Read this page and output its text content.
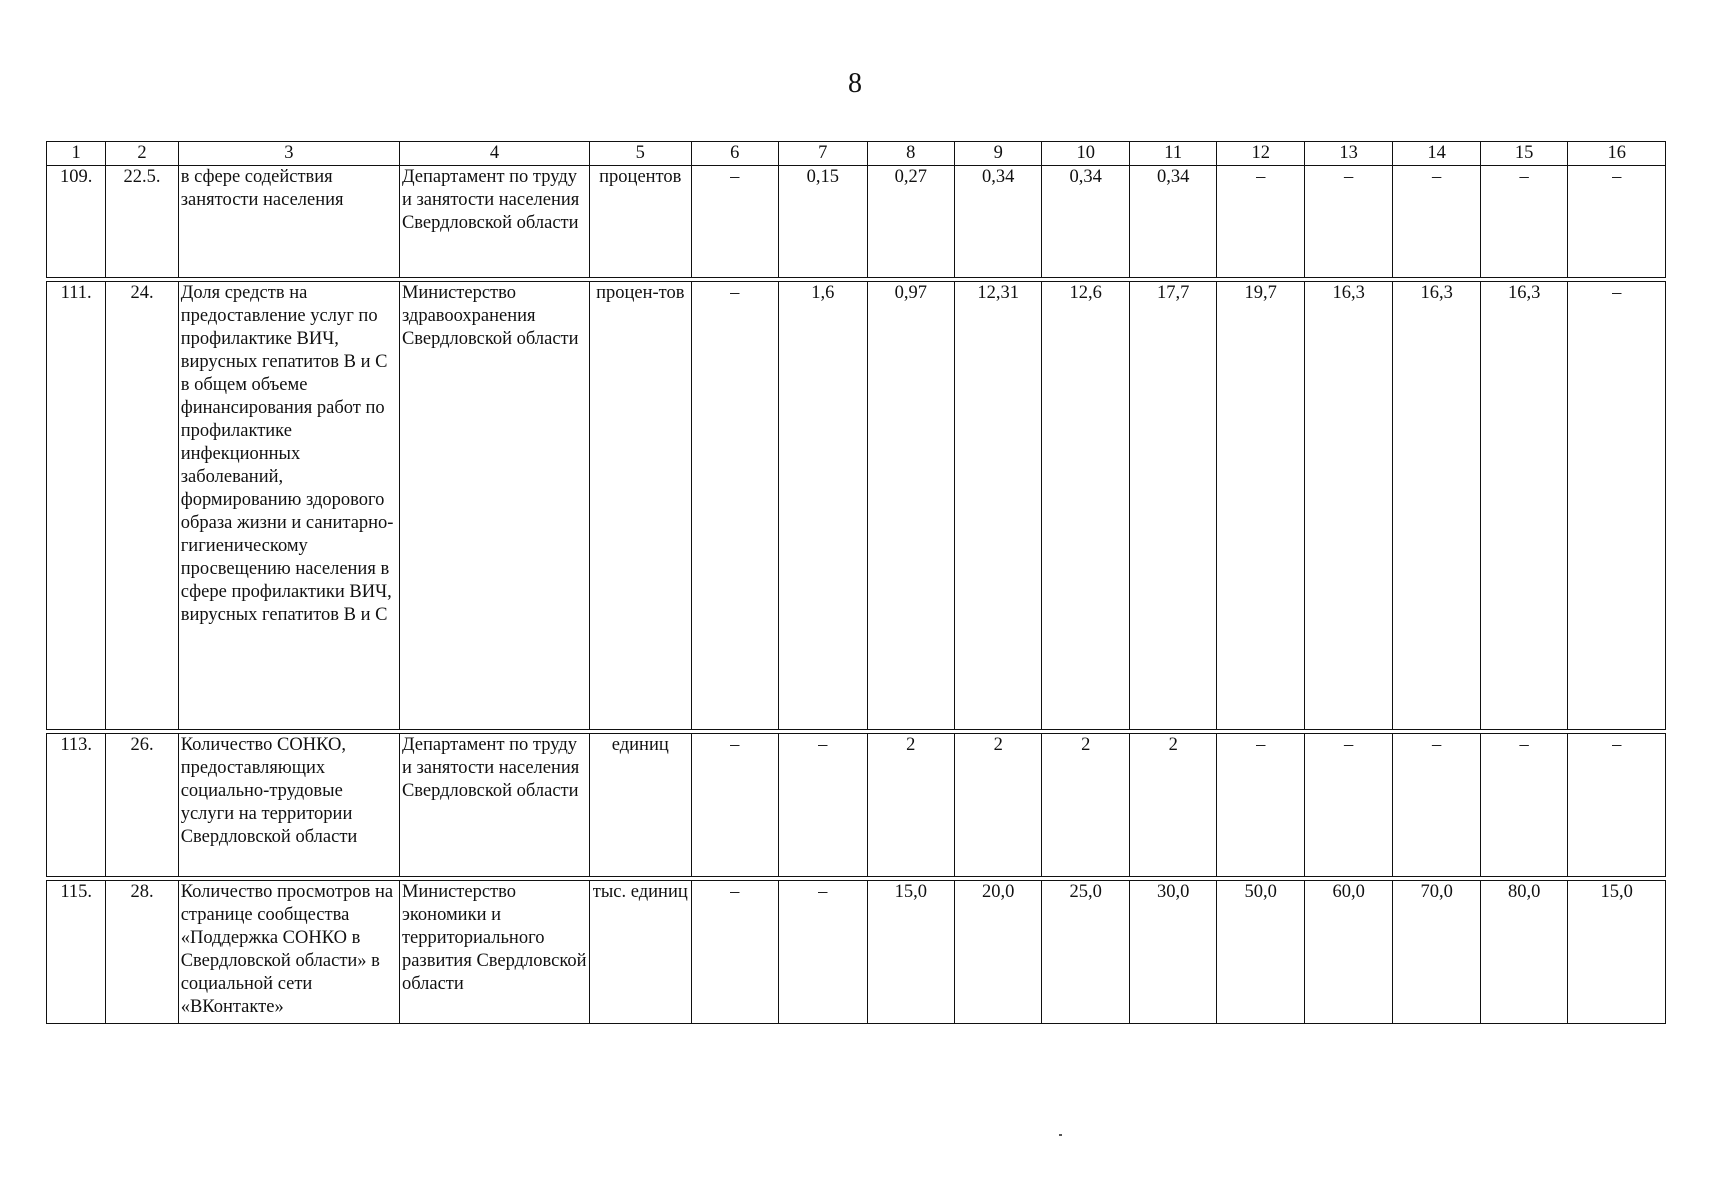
8
1	2	3	4	5	6	7	8	9	10	11	12	13	14	15	16
109.	22.5.	в сфере содействия занятости населения	Департамент по труду и занятости населения Свердловской области	процентов	–	0,15	0,27	0,34	0,34	0,34	–	–	–	–	–

111.	24.	Доля средств на предоставление услуг по профилактике ВИЧ, вирусных гепатитов В и С в общем объеме финансирования работ по профилактике инфекционных заболеваний, формированию здорового образа жизни и санитарно-гигиеническому просвещению населения в сфере профилактики ВИЧ, вирусных гепатитов В и С	Министерство здравоохранения Свердловской области	процен-тов	–	1,6	0,97	12,31	12,6	17,7	19,7	16,3	16,3	16,3	–

113.	26.	Количество СОНКО, предоставляющих социально-трудовые услуги на территории Свердловской области	Департамент по труду и занятости населения Свердловской области	единиц	–	–	2	2	2	2	–	–	–	–	–

115.	28.	Количество просмотров на странице сообщества «Поддержка СОНКО в Свердловской области» в социальной сети «ВКонтакте»	Министерство экономики и территориального развития Свердловской области	тыс. единиц	–	–	15,0	20,0	25,0	30,0	50,0	60,0	70,0	80,0	15,0
